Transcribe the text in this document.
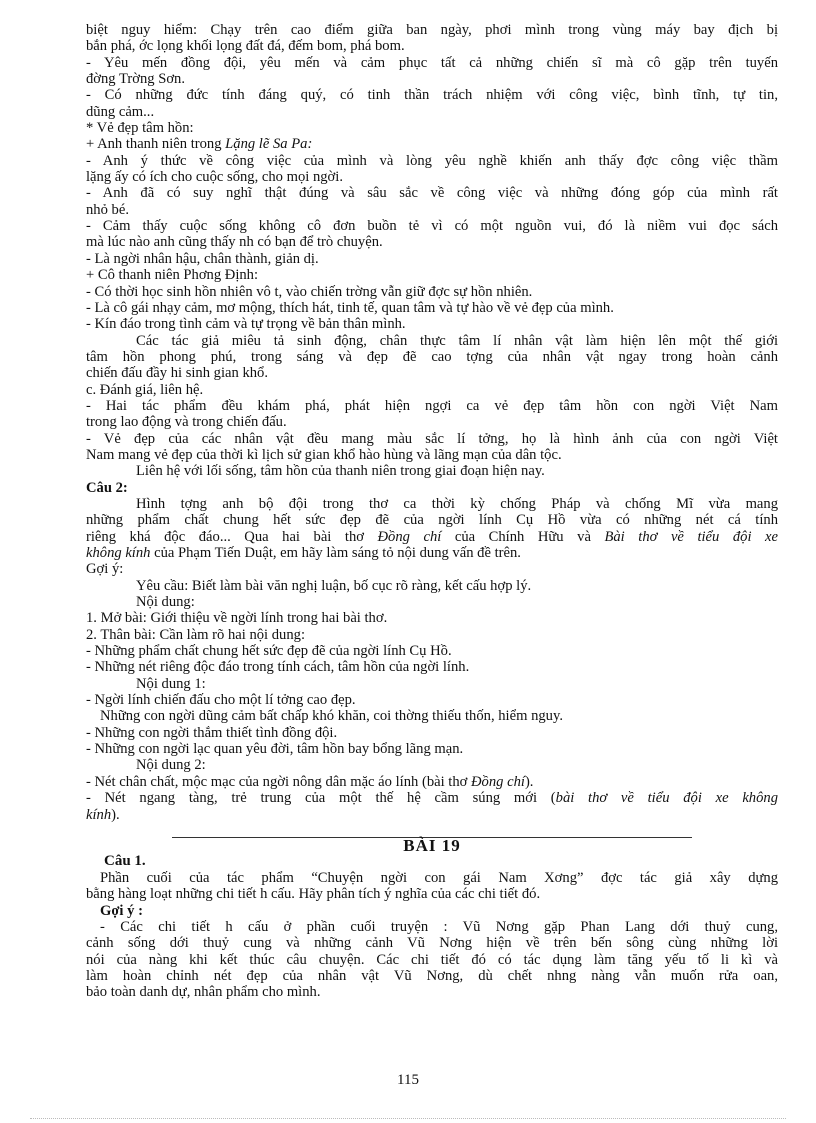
biệt nguy hiểm: Chạy trên cao điểm giữa ban ngày, phơi mình trong vùng máy bay địch bị
bắn phá, ớc lọng khối lọng đất đá, đếm bom, phá bom.
- Yêu mến đồng đội, yêu mến và cảm phục tất cả những chiến sĩ mà cô gặp trên tuyến
đờng Trờng Sơn.
- Có những đức tính đáng quý, có tinh thần trách nhiệm với công việc, bình tĩnh, tự tin,
dũng cảm...
* Vẻ đẹp tâm hồn:
+ Anh thanh niên trong Lặng lẽ Sa Pa:
- Anh ý thức về công việc của mình và lòng yêu nghề khiến anh thấy đợc công việc thầm
lặng ấy có ích cho cuộc sống, cho mọi ngời.
- Anh đã có suy nghĩ thật đúng và sâu sắc về công việc và những đóng góp của mình rất
nhỏ bé.
- Cảm thấy cuộc sống không cô đơn buồn tẻ vì có một nguồn vui, đó là niềm vui đọc sách
mà lúc nào anh cũng thấy nh có bạn để trò chuyện.
- Là ngời nhân hậu, chân thành, giản dị.
+ Cô thanh niên Phơng Định:
- Có thời học sinh hồn nhiên vô t, vào chiến trờng vẫn giữ đợc sự hồn nhiên.
- Là cô gái nhạy cảm, mơ mộng, thích hát, tinh tế, quan tâm và tự hào về vẻ đẹp của mình.
- Kín đáo trong tình cảm và tự trọng về bản thân mình.
Các tác giả miêu tả sinh động, chân thực tâm lí nhân vật làm hiện lên một thế giới
tâm hồn phong phú, trong sáng và đẹp đẽ cao tợng của nhân vật ngay trong hoàn cảnh
chiến đấu đầy hi sinh gian khổ.
c. Đánh giá, liên hệ.
- Hai tác phẩm đều khám phá, phát hiện ngợi ca vẻ đẹp tâm hồn con ngời Việt Nam
trong lao động và trong chiến đấu.
- Vẻ đẹp của các nhân vật đều mang màu sắc lí tởng, họ là hình ảnh của con ngời Việt
Nam mang vẻ đẹp của thời kì lịch sử gian khổ hào hùng và lãng mạn của dân tộc.
Liên hệ với lối sống, tâm hồn của thanh niên trong giai đoạn hiện nay.
Câu 2:
Hình tợng anh bộ đội trong thơ ca thời kỳ chống Pháp và chống Mĩ vừa mang
những phẩm chất chung hết sức đẹp đẽ của ngời lính Cụ Hồ vừa có những nét cá tính
riêng khá độc đáo... Qua hai bài thơ Đồng chí của Chính Hữu và Bài thơ về tiểu đội xe
không kính của Phạm Tiến Duật, em hãy làm sáng tỏ nội dung vấn đề trên.
Gợi ý:
Yêu cầu: Biết làm bài văn nghị luận, bố cục rõ ràng, kết cấu hợp lý.
Nội dung:
1. Mở bài: Giới thiệu về ngời lính trong hai bài thơ.
2. Thân bài: Cần làm rõ hai nội dung:
- Những phẩm chất chung hết sức đẹp đẽ của ngời lính Cụ Hồ.
- Những nét riêng độc đáo trong tính cách, tâm hồn của ngời lính.
Nội dung 1:
- Ngời lính chiến đấu cho một lí tởng cao đẹp.
Những con ngời dũng cảm bất chấp khó khăn, coi thờng thiếu thốn, hiểm nguy.
- Những con ngời thắm thiết tình đồng đội.
- Những con ngời lạc quan yêu đời, tâm hồn bay bổng lãng mạn.
Nội dung 2:
- Nét chân chất, mộc mạc của ngời nông dân mặc áo lính (bài thơ Đồng chí).
- Nét ngang tàng, trẻ trung của một thế hệ cầm súng mới (bài thơ về tiểu đội xe không
kính).
BÀI 19
Câu 1.
Phần cuối của tác phẩm “Chuyện ngời con gái Nam Xơng” đợc tác giả xây dựng
bằng hàng loạt những chi tiết h cấu. Hãy phân tích ý nghĩa của các chi tiết đó.
Gợi ý :
- Các chi tiết h cấu ở phần cuối truyện : Vũ Nơng gặp Phan Lang dới thuỷ cung,
cảnh sống dới thuỷ cung và những cảnh Vũ Nơng hiện về trên bến sông cùng những lời
nói của nàng khi kết thúc câu chuyện. Các chi tiết đó có tác dụng làm tăng yếu tố li kì và
làm hoàn chỉnh nét đẹp của nhân vật Vũ Nơng, dù chết nhng nàng vẫn muốn rửa oan,
bảo toàn danh dự, nhân phẩm cho mình.
115
